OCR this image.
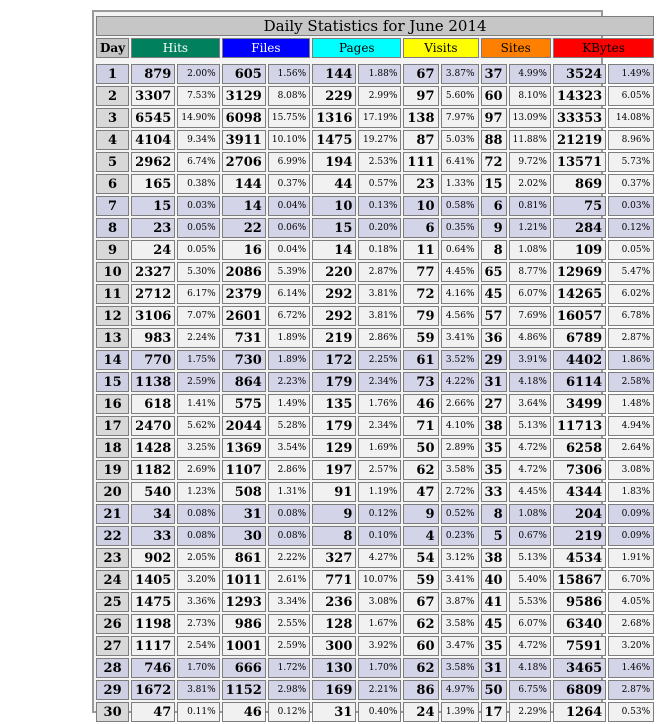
Daily Statistics for June 2014												
Day	Hits		Files		Pages		Visits		Sites		KBytes	

1	879	2.00%	605	1.56%	144	1.88%	67	3.87%	37	4.99%	3524	1.49%
2	3307	7.53%	3129	8.08%	229	2.99%	97	5.60%	60	8.10%	14323	6.05%
3	6545	14.90%	6098	15.75%	1316	17.19%	138	7.97%	97	13.09%	33353	14.08%
4	4104	9.34%	3911	10.10%	1475	19.27%	87	5.03%	88	11.88%	21219	8.96%
5	2962	6.74%	2706	6.99%	194	2.53%	111	6.41%	72	9.72%	13571	5.73%
6	165	0.38%	144	0.37%	44	0.57%	23	1.33%	15	2.02%	869	0.37%
7	15	0.03%	14	0.04%	10	0.13%	10	0.58%	6	0.81%	75	0.03%
8	23	0.05%	22	0.06%	15	0.20%	6	0.35%	9	1.21%	284	0.12%
9	24	0.05%	16	0.04%	14	0.18%	11	0.64%	8	1.08%	109	0.05%
10	2327	5.30%	2086	5.39%	220	2.87%	77	4.45%	65	8.77%	12969	5.47%
11	2712	6.17%	2379	6.14%	292	3.81%	72	4.16%	45	6.07%	14265	6.02%
12	3106	7.07%	2601	6.72%	292	3.81%	79	4.56%	57	7.69%	16057	6.78%
13	983	2.24%	731	1.89%	219	2.86%	59	3.41%	36	4.86%	6789	2.87%
14	770	1.75%	730	1.89%	172	2.25%	61	3.52%	29	3.91%	4402	1.86%
15	1138	2.59%	864	2.23%	179	2.34%	73	4.22%	31	4.18%	6114	2.58%
16	618	1.41%	575	1.49%	135	1.76%	46	2.66%	27	3.64%	3499	1.48%
17	2470	5.62%	2044	5.28%	179	2.34%	71	4.10%	38	5.13%	11713	4.94%
18	1428	3.25%	1369	3.54%	129	1.69%	50	2.89%	35	4.72%	6258	2.64%
19	1182	2.69%	1107	2.86%	197	2.57%	62	3.58%	35	4.72%	7306	3.08%
20	540	1.23%	508	1.31%	91	1.19%	47	2.72%	33	4.45%	4344	1.83%
21	34	0.08%	31	0.08%	9	0.12%	9	0.52%	8	1.08%	204	0.09%
22	33	0.08%	30	0.08%	8	0.10%	4	0.23%	5	0.67%	219	0.09%
23	902	2.05%	861	2.22%	327	4.27%	54	3.12%	38	5.13%	4534	1.91%
24	1405	3.20%	1011	2.61%	771	10.07%	59	3.41%	40	5.40%	15867	6.70%
25	1475	3.36%	1293	3.34%	236	3.08%	67	3.87%	41	5.53%	9586	4.05%
26	1198	2.73%	986	2.55%	128	1.67%	62	3.58%	45	6.07%	6340	2.68%
27	1117	2.54%	1001	2.59%	300	3.92%	60	3.47%	35	4.72%	7591	3.20%
28	746	1.70%	666	1.72%	130	1.70%	62	3.58%	31	4.18%	3465	1.46%
29	1672	3.81%	1152	2.98%	169	2.21%	86	4.97%	50	6.75%	6809	2.87%
30	47	0.11%	46	0.12%	31	0.40%	24	1.39%	17	2.29%	1264	0.53%
